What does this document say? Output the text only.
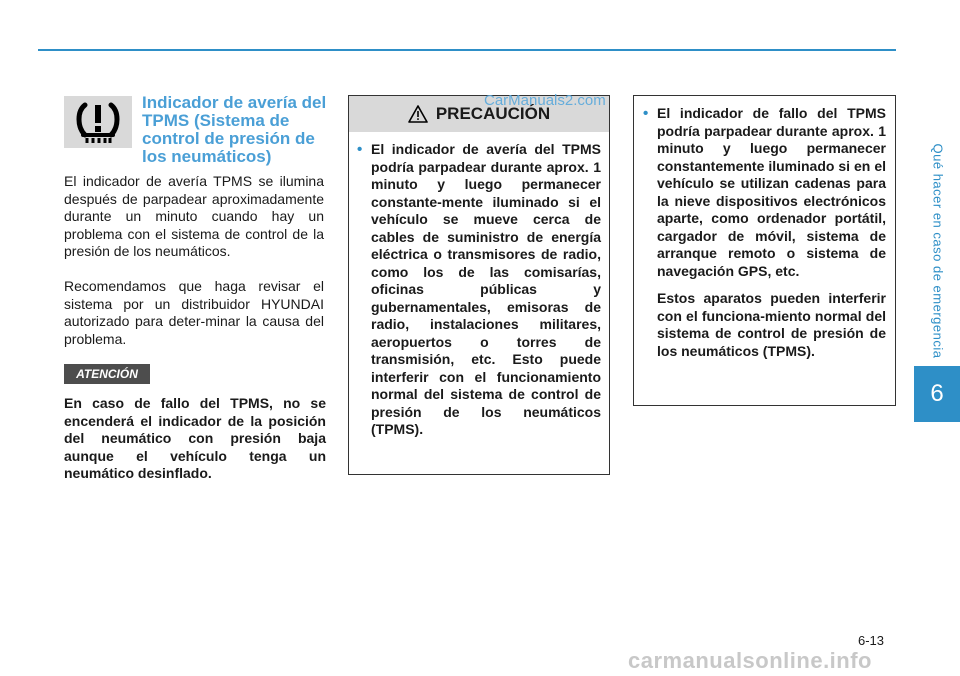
Indicador de avería del TPMS (Sistema de control de presión de los neumáticos)

El indicador de avería TPMS se ilumina después de parpadear aproximadamente durante un minuto cuando hay un problema con el sistema de control de la presión de los neumáticos.

Recomendamos que haga revisar el sistema por un distribuidor HYUNDAI autorizado para deter-minar la causa del problema.

ATENCIÓN

En caso de fallo del TPMS, no se encenderá el indicador de la posición del neumático con presión baja aunque el vehículo tenga un neumático desinflado.

PRECAUCIÓN
• El indicador de avería del TPMS podría parpadear durante aprox. 1 minuto y luego permanecer constante-mente iluminado si el vehículo se mueve cerca de cables de suministro de energía eléctrica o transmisores de radio, como los de las comisarías, oficinas públicas y gubernamentales, emisoras de radio, instalaciones militares, aeropuertos o torres de transmisión, etc. Esto puede interferir con el funcionamiento normal del sistema de control de presión de los neumáticos (TPMS).
• El indicador de fallo del TPMS podría parpadear durante aprox. 1 minuto y luego permanecer constantemente iluminado si en el vehículo se utilizan cadenas para la nieve dispositivos electrónicos aparte, como ordenador portátil, cargador de móvil, sistema de arranque remoto o sistema de navegación GPS, etc.

Estos aparatos pueden interferir con el funciona-miento normal del sistema de control de presión de los neumáticos (TPMS).

CarManuals2.com
Qué hacer en caso de emergencia
6
6-13
carmanualsonline.info
